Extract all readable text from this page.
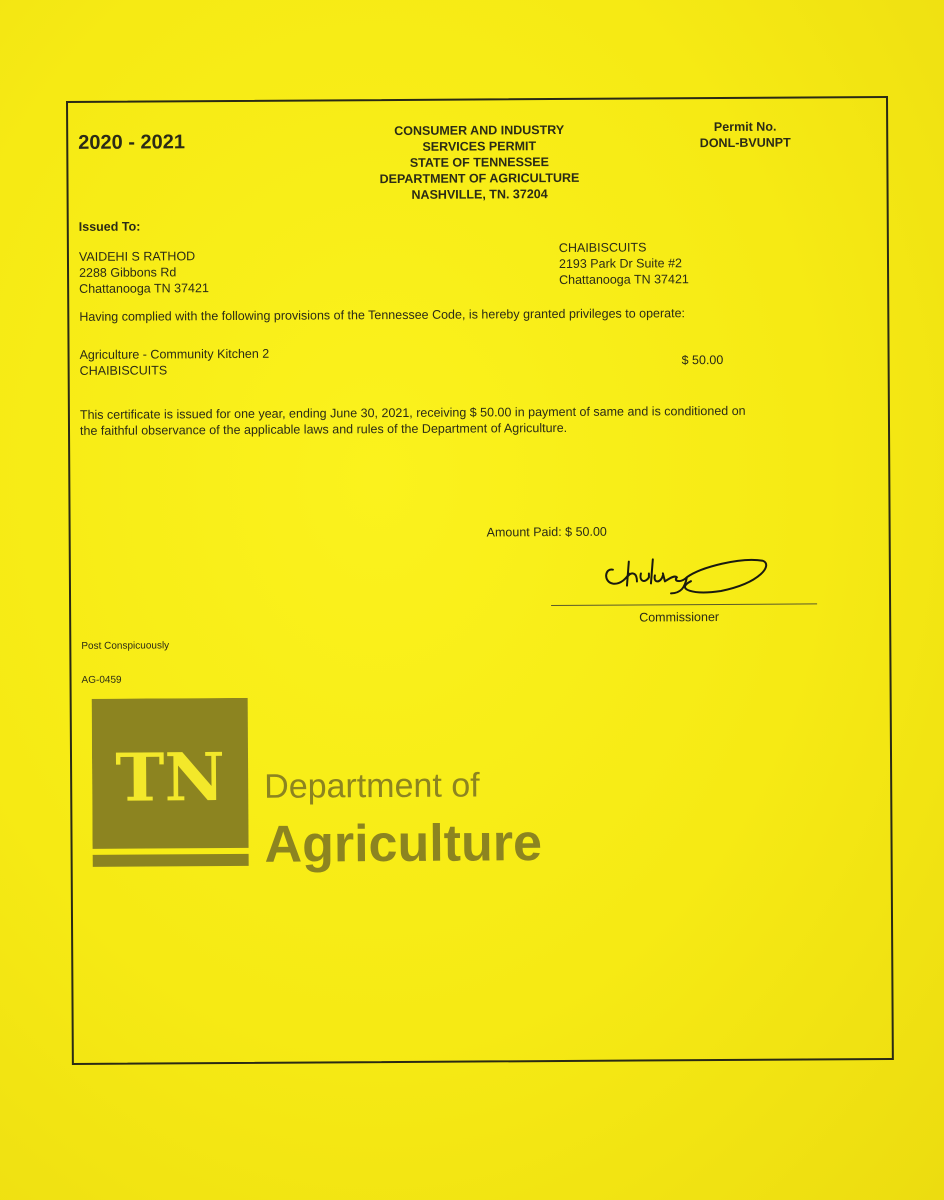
2020 - 2021
CONSUMER AND INDUSTRY
SERVICES PERMIT
STATE OF TENNESSEE
DEPARTMENT OF AGRICULTURE
NASHVILLE, TN. 37204
Permit No.
DONL-BVUNPT
Issued To:
VAIDEHI S RATHOD
2288 Gibbons Rd
Chattanooga TN 37421
CHAIBISCUITS
2193 Park Dr Suite #2
Chattanooga TN 37421
Having complied with the following provisions of the Tennessee Code, is hereby granted privileges to operate:
Agriculture - Community Kitchen 2
CHAIBISCUITS
$ 50.00
This certificate is issued for one year, ending June 30, 2021, receiving $ 50.00 in payment of same and is conditioned on
the faithful observance of the applicable laws and rules of the Department of Agriculture.
Amount Paid: $ 50.00
Commissioner
Post Conspicuously
AG-0459
TN Department of
Agriculture
